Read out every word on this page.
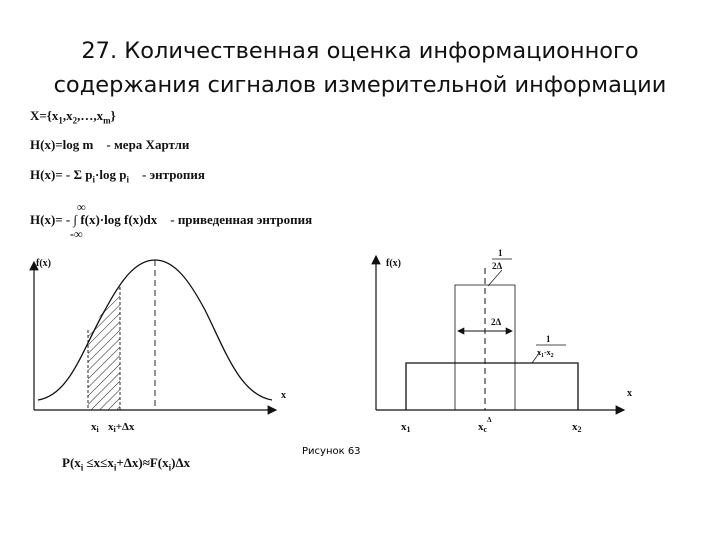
27. Количественная оценка информационного
содержания сигналов измерительной информации
$X=\{x_1,x_2,\dots,x_m\}$
H(x)=log m    - мера Хартли
H(x)= - Σ $p_i\cdot\log$ $p_i$ - энтропия
H(x)= - ∫ f(x)·log f(x)dx    - приведенная энтропия
∞
-∞
f(x)
x
xi xi+Δx
f(x)
x
1
2Δ
2Δ
1
$x_1-x_2$
x1	$xc^\Delta$
x2
Рисунок 63
$P(x_i \le x\le x_i+\Delta x)\approx F(x_i)\Delta x$
